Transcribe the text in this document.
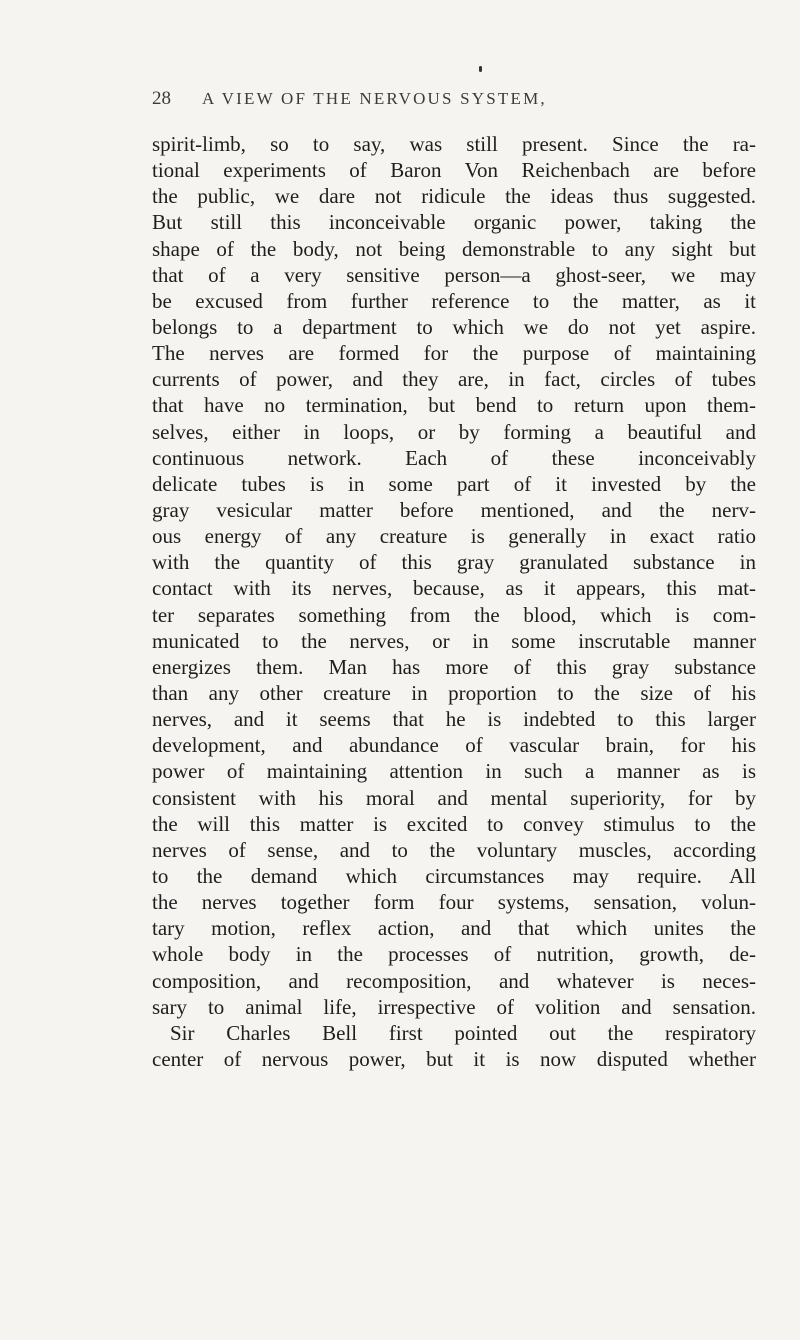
28 A VIEW OF THE NERVOUS SYSTEM,
spirit-limb, so to say, was still present. Since the ra-
tional experiments of Baron Von Reichenbach are before
the public, we dare not ridicule the ideas thus suggested.
But still this inconceivable organic power, taking the
shape of the body, not being demonstrable to any sight but
that of a very sensitive person—a ghost-seer, we may
be excused from further reference to the matter, as it
belongs to a department to which we do not yet aspire.
The nerves are formed for the purpose of maintaining
currents of power, and they are, in fact, circles of tubes
that have no termination, but bend to return upon them-
selves, either in loops, or by forming a beautiful and
continuous network. Each of these inconceivably
delicate tubes is in some part of it invested by the
gray vesicular matter before mentioned, and the nerv-
ous energy of any creature is generally in exact ratio
with the quantity of this gray granulated substance in
contact with its nerves, because, as it appears, this mat-
ter separates something from the blood, which is com-
municated to the nerves, or in some inscrutable manner
energizes them. Man has more of this gray substance
than any other creature in proportion to the size of his
nerves, and it seems that he is indebted to this larger
development, and abundance of vascular brain, for his
power of maintaining attention in such a manner as is
consistent with his moral and mental superiority, for by
the will this matter is excited to convey stimulus to the
nerves of sense, and to the voluntary muscles, according
to the demand which circumstances may require. All
the nerves together form four systems, sensation, volun-
tary motion, reflex action, and that which unites the
whole body in the processes of nutrition, growth, de-
composition, and recomposition, and whatever is neces-
sary to animal life, irrespective of volition and sensation.
Sir Charles Bell first pointed out the respiratory
center of nervous power, but it is now disputed whether
